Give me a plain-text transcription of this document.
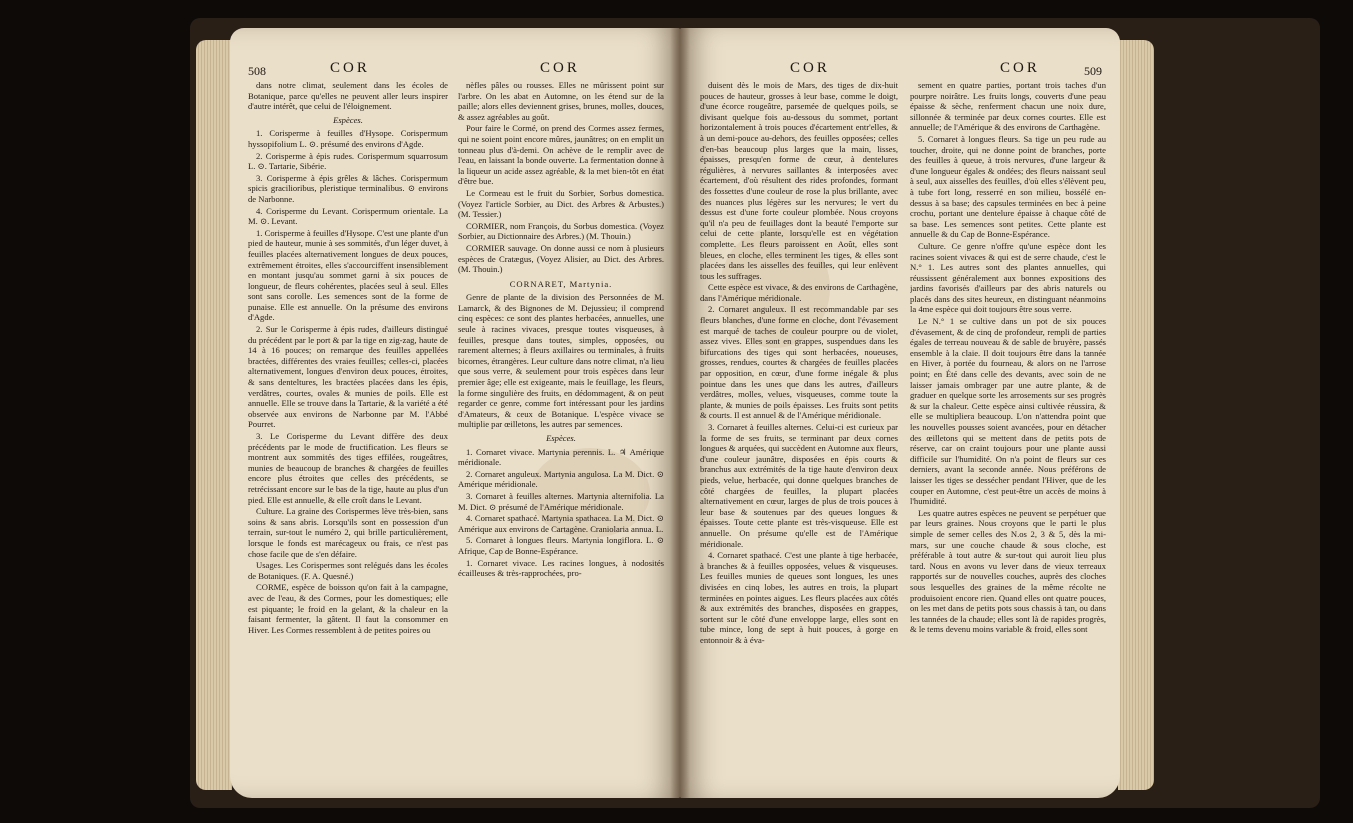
508	COR	COR

dans notre climat, seulement dans les écoles de Botanique, parce qu'elles ne peuvent aller leurs inspirer d'autre intérêt, que celui de l'éloignement.

Espèces.

1. Corisperme à feuilles d'Hysope. Corispermum hyssopifolium L. ⊙. présumé des environs d'Agde.

2. Corisperme à épis rudes. Corispermum squarrosum L. ⊙. Tartarie, Sibérie.

3. Corisperme à épis grêles & lâches. Corispermum spicis gracilioribus, pleristique terminalibus. ⊙ environs de Narbonne.

4. Corisperme du Levant. Corispermum orientale. La M. ⊙. Levant.

1. Corisperme à feuilles d'Hysope. C'est une plante d'un pied de hauteur, munie à ses sommités, d'un léger duvet, à feuilles placées alternativement longues de deux pouces, extrêmement étroites, elles s'accourciffent insensiblement en montant jusqu'au sommet garni à six pouces de longueur, de fleurs cohérentes, placées seul à seul. Elles sont sans corolle. Les semences sont de la forme de punaise. Elle est annuelle. On la présume des environs d'Agde.

2. Sur le Corisperme à épis rudes, d'ailleurs distingué du précédent par le port & par la tige en zig-zag, haute de 14 à 16 pouces; on remarque des feuilles appellées bractées, différentes des vraies feuilles; celles-ci, placées alternativement, longues d'environ deux pouces, étroites, & sans denteltures, les bractées placées dans les épis, verdâtres, courtes, ovales & munies de poils. Elle est annuelle. Elle se trouve dans la Tartarie, & la variété a été observée aux environs de Narbonne par M. l'Abbé Pourret.

3. Le Corisperme du Levant diffère des deux précédents par le mode de fructification. Les fleurs se montrent aux sommités des tiges effilées, rougeâtres, munies de beaucoup de branches & chargées de feuilles encore plus étroites que celles des précédents, se retrécissant encore sur le bas de la tige, haute au plus d'un pied. Elle est annuelle, & elle croît dans le Levant.

Culture. La graine des Corispermes lève très-bien, sans soins & sans abris. Lorsqu'ils sont en possession d'un terrain, sur-tout le numéro 2, qui brille particulièrement, lorsque le fonds est marécageux ou frais, ce n'est pas chose facile que de s'en défaire.

Usages. Les Corispermes sont relégués dans les écoles de Botaniques. (F. A. Quesné.)

CORME, espèce de boisson qu'on fait à la campagne, avec de l'eau, & des Cormes, pour les domestiques; elle est piquante; le froid en la gelant, & la chaleur en la faisant fermenter, la gâtent. Il faut la consommer en Hiver. Les Cormes ressemblent à de petites poires ou

nèfles pâles ou rousses. Elles ne mûrissent point sur l'arbre. On les abat en Automne, on les étend sur de la paille; alors elles deviennent grises, brunes, molles, douces, & assez agréables au goût.

Pour faire le Cormé, on prend des Cormes assez fermes, qui ne soient point encore mûres, jaunâtres; on en emplit un tonneau plus d'à-demi. On achève de le remplir avec de l'eau, en laissant la bonde ouverte. La fermentation donne à la liqueur un acide assez agréable, & la met bien-tôt en état d'être bue.

Le Cormeau est le fruit du Sorbier, Sorbus domestica. (Voyez l'article Sorbier, au Dict. des Arbres & Arbustes.) (M. Tessier.)

CORMIER, nom François, du Sorbus domestica. (Voyez Sorbier, au Dictionnaire des Arbres.) (M. Thouin.)

CORMIER sauvage. On donne aussi ce nom à plusieurs espèces de Cratægus, (Voyez Alisier, au Dict. des Arbres. (M. Thouin.)

CORNARET, Martynia.

Genre de plante de la division des Personnées de M. Lamarck, & des Bignones de M. Dejussieu; il comprend cinq espèces: ce sont des plantes herbacées, annuelles, une seule à racines vivaces, presque toutes visqueuses, à feuilles, presque dans toutes, simples, opposées, ou rarement alternes; à fleurs axillaires ou terminales, à fruits bicornes, étrangères. Leur culture dans notre climat, n'a lieu que sous verre, & seulement pour trois espèces dans leur premier âge; elle est exigeante, mais le feuillage, les fleurs, la forme singulière des fruits, en dédommagent, & on peut regarder ce genre, comme fort intéressant pour les jardins d'Amateurs, & ceux de Botanique. L'espèce vivace se multiplie par œilletons, les autres par semences.

Espèces.

1. Cornaret vivace. Martynia perennis. L. ♃ Amérique méridionale.

2. Cornaret anguleux. Martynia angulosa. La M. Dict. ⊙ Amérique méridionale.

3. Cornaret à feuilles alternes. Martynia alternifolia. La M. Dict. ⊙ présumé de l'Amérique méridionale.

4. Cornaret spathacé. Martynia spathacea. La M. Dict. ⊙ Amérique aux environs de Cartagène. Craniolaria annua. L.

5. Cornaret à longues fleurs. Martynia longiflora. L. ⊙ Afrique, Cap de Bonne-Espérance.

1. Cornaret vivace. Les racines longues, à nodosités écailleuses & très-rapprochées, pro-

COR	COR	509

duisent dès le mois de Mars, des tiges de dix-huit pouces de hauteur, grosses à leur base, comme le doigt, d'une écorce rougeâtre, parsemée de quelques poils, se divisant quelque fois au-dessous du sommet, portant horizontalement à trois pouces d'écartement entr'elles, & à un demi-pouce au-dehors, des feuilles opposées; celles d'en-bas beaucoup plus larges que la main, lisses, épaisses, presqu'en forme de cœur, à dentelures régulières, à nervures saillantes & interposées avec écartement, d'où résultent des rides profondes, formant des fossettes d'une couleur de rose la plus brillante, avec des nuances plus légères sur les nervures; le vert du dessus est d'une forte couleur plombée. Nous croyons qu'il n'a peu de feuillages dont la beauté l'emporte sur celui de cette plante, lorsqu'elle est en végétation complette. Les fleurs paroissent en Août, elles sont bleues, en cloche, elles terminent les tiges, & elles sont placées dans les aisselles des feuilles, qui leur enlèvent tous les suffrages.

Cette espèce est vivace, & des environs de Carthagène, dans l'Amérique méridionale.

2. Cornaret anguleux. Il est recommandable par ses fleurs blanches, d'une forme en cloche, dont l'évasement est marqué de taches de couleur pourpre ou de violet, assez vives. Elles sont en grappes, suspendues dans les bifurcations des tiges qui sont herbacées, noueuses, grosses, rendues, courtes & chargées de feuilles placées par opposition, en cœur, d'une forme inégale & plus pointue dans les unes que dans les autres, d'ailleurs verdâtres, molles, velues, visqueuses, comme toute la plante, & munies de poils épaisses. Les fruits sont petits & courts. Il est annuel & de l'Amérique méridionale.

3. Cornaret à feuilles alternes. Celui-ci est curieux par la forme de ses fruits, se terminant par deux cornes longues & arquées, qui succèdent en Automne aux fleurs, d'une couleur jaunâtre, disposées en épis courts & branchus aux extrémités de la tige haute d'environ deux pieds, velue, herbacée, qui donne quelques branches de côté chargées de feuilles, la plupart placées alternativement en cœur, larges de plus de trois pouces à leur base & soutenues par des queues longues & épaisses. Toute cette plante est très-visqueuse. Elle est annuelle. On présume qu'elle est de l'Amérique méridionale.

4. Cornaret spathacé. C'est une plante à tige herbacée, à branches & à feuilles opposées, velues & visqueuses. Les feuilles munies de queues sont longues, les unes divisées en cinq lobes, les autres en trois, la plupart terminées en pointes aigues. Les fleurs placées aux côtés & aux extrémités des branches, disposées en grappes, sortent sur le côté d'une enveloppe large, elles sont en tube mince, long de sept à huit pouces, à gorge en entonnoir & à éva-

sement en quatre parties, portant trois taches d'un pourpre noirâtre. Les fruits longs, couverts d'une peau épaisse & sèche, renferment chacun une noix dure, sillonnée & terminée par deux cornes courtes. Elle est annuelle; de l'Amérique & des environs de Carthagène.

5. Cornaret à longues fleurs. Sa tige un peu rude au toucher, droite, qui ne donne point de branches, porte des feuilles à queue, à trois nervures, d'une largeur & d'une longueur égales & ondées; des fleurs naissant seul à seul, aux aisselles des feuilles, d'où elles s'élèvent peu, à tube fort long, resserré en son milieu, bossélé en-dessus à sa base; des capsules terminées en bec à peine crochu, portant une dentelure épaisse à chaque côté de sa base. Les semences sont petites. Cette plante est annuelle & du Cap de Bonne-Espérance.

Culture. Ce genre n'offre qu'une espèce dont les racines soient vivaces & qui est de serre chaude, c'est le N.° 1. Les autres sont des plantes annuelles, qui réussissent généralement aux bonnes expositions des jardins favorisés d'ailleurs par des abris naturels ou placés dans des sites heureux, en distinguant néanmoins la 4me espèce qui doit toujours être sous verre.

Le N.° 1 se cultive dans un pot de six pouces d'évasement, & de cinq de profondeur, rempli de parties égales de terreau nouveau & de sable de bruyère, passés ensemble à la claie. Il doit toujours être dans la tannée en Hiver, à portée du fourneau, & alors on ne l'arrose point; en Été dans celle des devants, avec soin de ne laisser jamais ombrager par une autre plante, & de graduer en quelque sorte les arrosements sur ses progrès & sur la chaleur. Cette espèce ainsi cultivée réussira, & elle se multipliera beaucoup. L'on n'attendra point que les nouvelles pousses soient avancées, pour en détacher des œilletons qui se mettent dans de petits pots de réserve, car on craint toujours pour une plante aussi difficile sur l'humidité. On n'a point de fleurs sur ces derniers, avant la seconde année. Nous préférons de laisser les tiges se dessécher pendant l'Hiver, que de les couper en Automne, c'est peut-être un accès de moins à l'humidité.

Les quatre autres espèces ne peuvent se perpétuer que par leurs graines. Nous croyons que le parti le plus simple de semer celles des N.os 2, 3 & 5, dès la mi-mars, sur une couche chaude & sous cloche, est préférable à tout autre & sur-tout qui auroit lieu plus tard. Nous en avons vu lever dans de vieux terreaux rapportés sur de nouvelles couches, auprès des cloches sous lesquelles des graines de la même récolte ne produisoient encore rien. Quand elles ont quatre pouces, on les met dans de petits pots sous chassis à tan, ou dans les tannées de la chaude; elles sont là de rapides progrès, & le tems devenu moins variable & froid, elles sont
